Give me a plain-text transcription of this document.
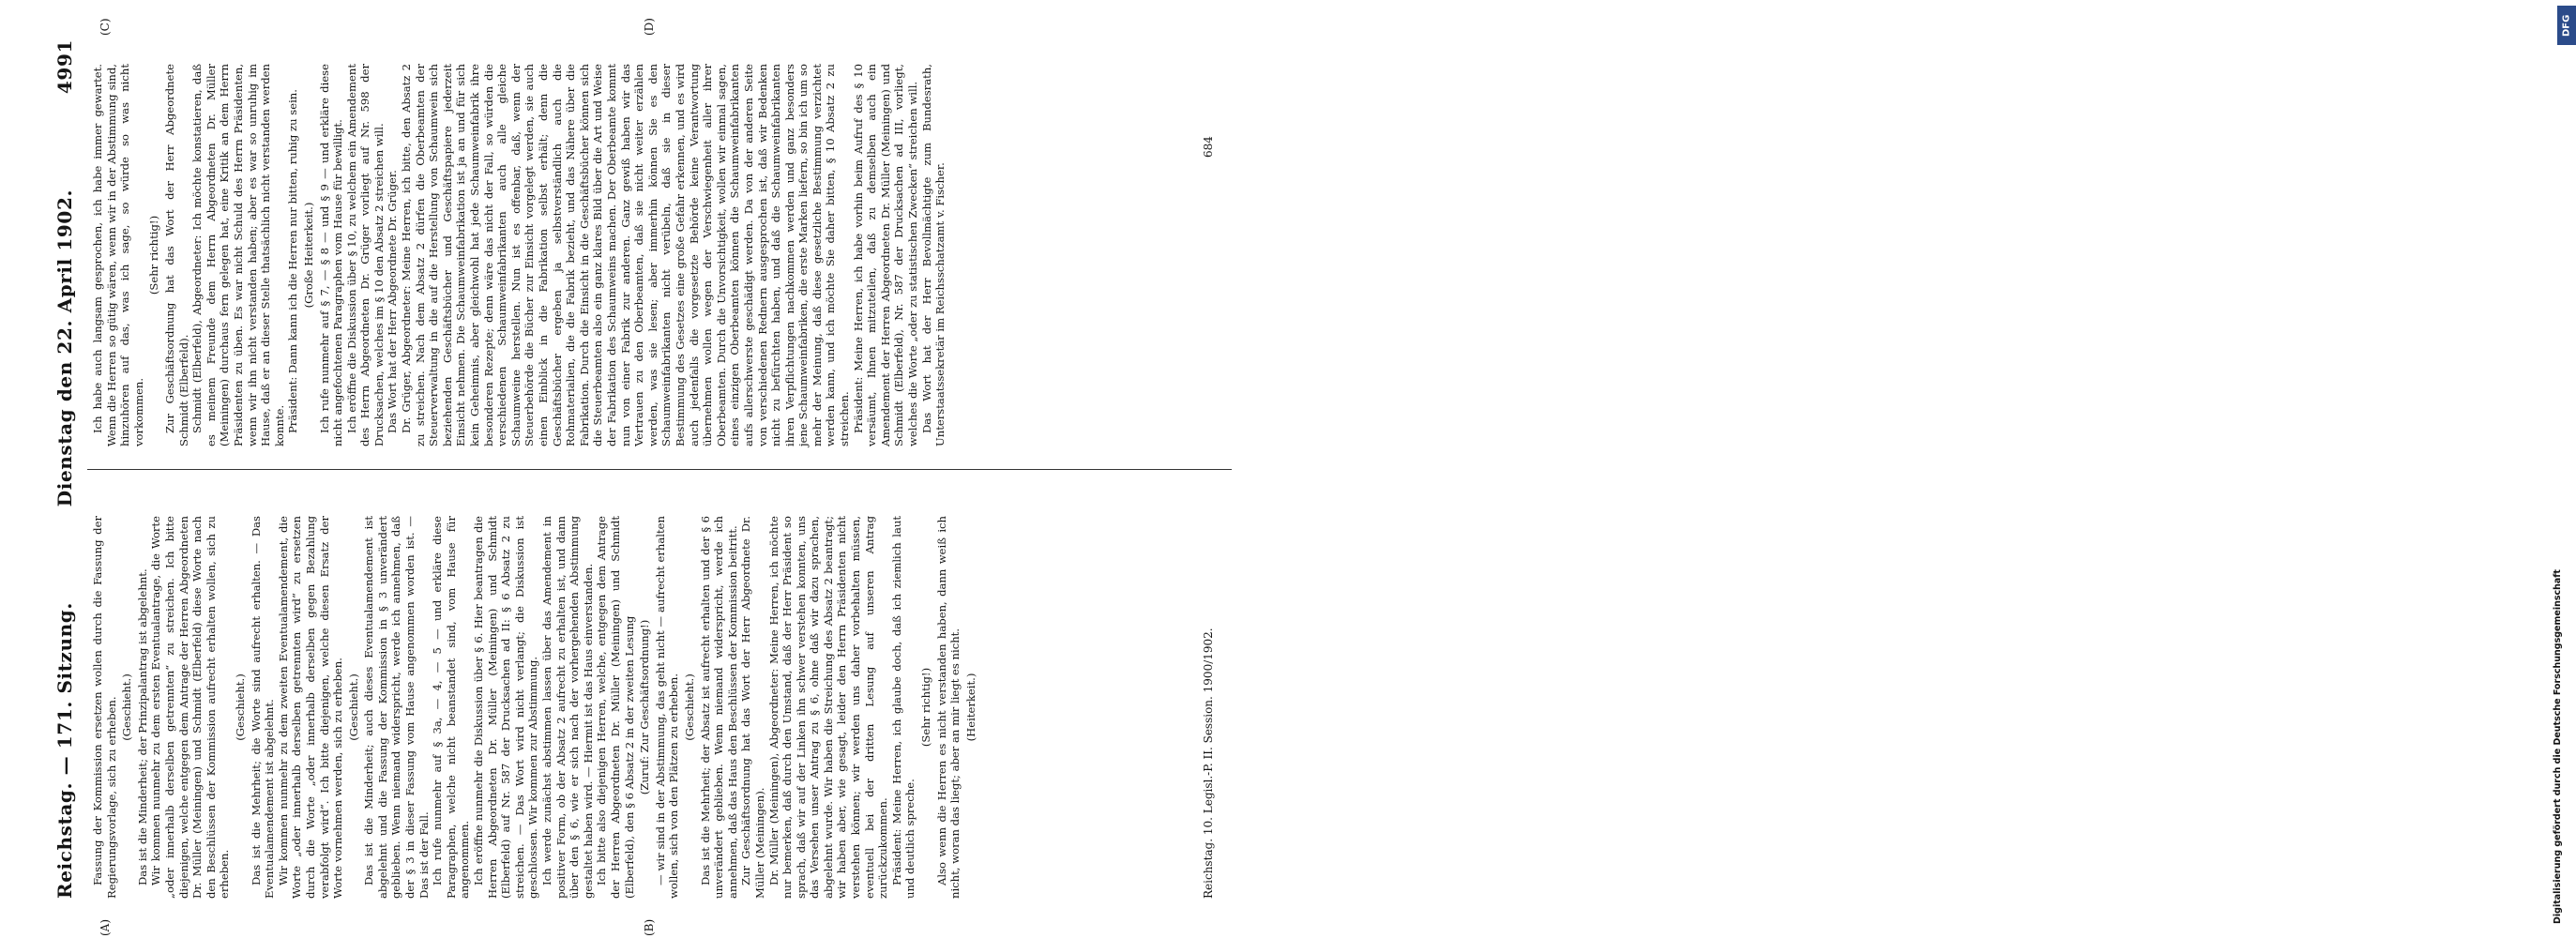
Reichstag. — 171. Sitzung.
Dienstag den 22. April 1902.
4991

Fassung der Kommission ersetzen wollen durch die Fassung der Regierungsvorlage, sich zu erheben. (Geschieht.) Das ist die Minderheit; der Prinzipalantrag ist abgelehnt. Wir kommen nunmehr zu dem ersten Eventualantrage, die Worte „oder innerhalb derselben getrennten“ zu streichen. Ich bitte diejenigen, welche entgegen dem Antrage der Herren Abgeordneten Dr. Müller (Meiningen) und Schmidt (Elberfeld) diese Worte nach den Beschlüssen der Kommission aufrecht erhalten wollen, sich zu erheben.

(Geschieht.) Das ist die Mehrheit; die Worte sind aufrecht erhalten. — Das Eventualamendement ist abgelehnt. Wir kommen nunmehr zu dem zweiten Eventualamendement, die Worte „oder innerhalb derselben getrennten wird“ zu ersetzen durch die Worte „oder innerhalb derselben gegen Bezahlung verabfolgt wird“. Ich bitte diejenigen, welche diesen Ersatz der Worte vornehmen werden, sich zu erheben. (Geschieht.) Das ist die Minderheit; auch dieses Eventualamendement ist abgelehnt und die Fassung der Kommission in § 3 unverändert geblieben. Wenn niemand widerspricht, werde ich annehmen, daß der § 3 in dieser Fassung vom Hause angenommen worden ist. — Das ist der Fall. Ich rufe nunmehr auf § 3a, — 4, — 5 — und erkläre diese Paragraphen, welche nicht beanstandet sind, vom Hause für angenommen. Ich eröffne nunmehr die Diskussion über § 6. Hier beantragen die Herren Abgeordneten Dr. Müller (Meiningen) und Schmidt (Elberfeld) auf Nr. 587 der Drucksachen ad II: § 6 Absatz 2 zu streichen. — Das Wort wird nicht verlangt; die Diskussion ist geschlossen. Wir kommen zur Abstimmung. Ich werde zunächst abstimmen lassen über das Amendement in positiver Form, ob der Absatz 2 aufrecht zu erhalten ist, und dann über den § 6, wie er sich nach der vorhergehenden Abstimmung gestaltet haben wird. — Hiermit ist das Haus einverstanden. Ich bitte also diejenigen Herren, welche, entgegen dem Antrage der Herren Abgeordneten Dr. Müller (Meiningen) und Schmidt (Elberfeld), den § 6 Absatz 2 in der zweiten Lesung (Zuruf: Zur Geschäftsordnung!) — wir sind in der Abstimmung, das geht nicht — aufrecht erhalten wollen, sich von den Plätzen zu erheben. (Geschieht.) Das ist die Mehrheit; der Absatz ist aufrecht erhalten und der § 6 unverändert geblieben. Wenn niemand widerspricht, werde ich annehmen, daß das Haus den Beschlüssen der Kommission beitritt. Zur Geschäftsordnung hat das Wort der Herr Abgeordnete Dr. Müller (Meiningen). Dr. Müller (Meiningen), Abgeordneter: Meine Herren, ich möchte nur bemerken, daß durch den Umstand, daß der Herr Präsident so sprach, daß wir auf der Linken ihn schwer verstehen konnten, uns das Versehen unser Antrag zu § 6, ohne daß wir dazu sprachen, abgelehnt wurde. Wir haben die Streichung des Absatz 2 beantragt; wir haben aber, wie gesagt, leider den Herrn Präsidenten nicht verstehen können; wir werden uns daher vorbehalten müssen, eventuell bei der dritten Lesung auf unseren Antrag zurückzukommen. Präsident: Meine Herren, ich glaube doch, daß ich ziemlich laut und deutlich spreche.

(Sehr richtig!) Also wenn die Herren es nicht verstanden haben, dann weiß ich nicht, woran das liegt; aber an mir liegt es nicht. (Heiterkeit.)

Ich habe auch langsam gesprochen, ich habe immer gewartet. Wenn die Herren so gütig wären, wenn wir in der Abstimmung sind, hinzuhören auf das, was ich sage, so würde so was nicht vorkommen.

(Sehr richtig!) Zur Geschäftsordnung hat das Wort der Herr Abgeordnete Schmidt (Elberfeld). Schmidt (Elberfeld), Abgeordneter: Ich möchte konstatieren, daß es meinem Freunde dem Herrn Abgeordneten Dr. Müller (Meiningen) durchaus fern gelegen hat, eine Kritik an dem Herrn Präsidenten zu üben. Es war nicht Schuld des Herrn Präsidenten, wenn wir ihn nicht verstanden haben; aber es war so unruhig im Hause, daß er an dieser Stelle thatsächlich nicht verstanden werden konnte. Präsident: Dann kann ich die Herren nur bitten, ruhig zu sein. (Große Heiterkeit.) Ich rufe nunmehr auf § 7, — § 8 — und § 9 — und erkläre diese nicht angefochtenen Paragraphen vom Hause für bewilligt. Ich eröffne die Diskussion über § 10, zu welchem ein Amendement des Herrn Abgeordneten Dr. Grüger vorliegt auf Nr. 598 der Drucksachen, welches im § 10 den Absatz 2 streichen will. Das Wort hat der Herr Abgeordnete Dr. Grüger. Dr. Grüger, Abgeordneter: Meine Herren, ich bitte, den Absatz 2 zu streichen. Nach dem Absatz 2 dürfen die Oberbeamten der Steuerverwaltung in die auf die Herstellung von Schaumwein sich beziehenden Geschäftsbücher und Geschäftspapiere jederzeit Einsicht nehmen. Die Schaumweinfabrikation ist ja an und für sich kein Geheimnis, aber gleichwohl hat jede Schaumweinfabrik ihre besonderen Rezepte; denn wäre das nicht der Fall, so würden die verschiedenen Schaumweinfabrikanten auch alle gleiche Schaumweine herstellen. Nun ist es offenbar, daß, wenn der Steuerbehörde die Bücher zur Einsicht vorgelegt werden, sie auch einen Einblick in die Fabrikation selbst erhält; denn die Geschäftsbücher ergeben ja selbstverständlich auch die Rohmaterialien, die die Fabrik bezieht, und das Nähere über die Fabrikation. Durch die Einsicht in die Geschäftsbücher können sich die Steuerbeamten also ein ganz klares Bild über die Art und Weise der Fabrikation des Schaumweins machen. Der Oberbeamte kommt nun von einer Fabrik zur anderen. Ganz gewiß haben wir das Vertrauen zu den Oberbeamten, daß sie nicht weiter erzählen werden, was sie lesen; aber immerhin können Sie es den Schaumweinfabrikanten nicht verübeln, daß sie in dieser Bestimmung des Gesetzes eine große Gefahr erkennen, und es wird auch jedenfalls die vorgesetzte Behörde keine Verantwortung übernehmen wollen wegen der Verschwiegenheit aller ihrer Oberbeamten. Durch die Unvorsichtigkeit, wollen wir einmal sagen, eines einzigen Oberbeamten können die Schaumweinfabrikanten aufs allerschwerste geschädigt werden. Da von der anderen Seite von verschiedenen Rednern ausgesprochen ist, daß wir Bedenken nicht zu befürchten haben, und daß die Schaumweinfabrikanten ihren Verpflichtungen nachkommen werden und ganz besonders jene Schaumweinfabriken, die erste Marken liefern, so bin ich um so mehr der Meinung, daß diese gesetzliche Bestimmung verzichtet werden kann, und ich möchte Sie daher bitten, § 10 Absatz 2 zu streichen. Präsident: Meine Herren, ich habe vorhin beim Aufruf des § 10 versäumt, Ihnen mitzuteilen, daß zu demselben auch ein Amendement der Herren Abgeordneten Dr. Müller (Meiningen) und Schmidt (Elberfeld), Nr. 587 der Drucksachen ad III, vorliegt, welches die Worte „oder zu statistischen Zwecken“ streichen will. Das Wort hat der Herr Bevollmächtigte zum Bundesrath, Unterstaatssekretär im Reichsschatzamt v. Fischer.

(A)	(B)
(C)	(D)
Reichstag. 10. Legisl.-P. II. Session. 1900/1902.
684
Digitalisierung gefördert durch die Deutsche Forschungsgemeinschaft
DFG
